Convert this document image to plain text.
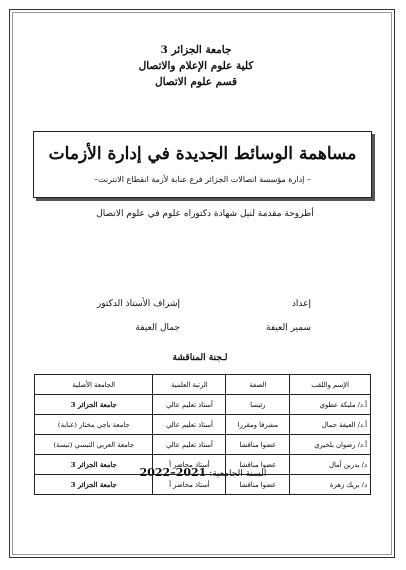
جامعة الجزائر 3
كلية علوم الإعلام والاتصال
قسم علوم الاتصال
مساهمة الوسائط الجديدة في إدارة الأزمات
– إدارة مؤسسة اتصالات الجزائر فرع عنابة لأزمة انقطاع الانترنت–
أطروحة مقدمة لنيل شهادة دكتوراه علوم في علوم الاتصال
إعداد
سمير العيفة
إشراف الأستاذ الدكتور
جمال العيفة
لـجنة المناقشة
الإسم واللقب	الصفة	الرتبة العلمية	الجامعة الأصلية
أ.د/ مليكة عطوي	رئيسا	أستاذ تعليم عالي	جامعة الجزائر 3
أ.د/ العيفة جمال	مشرفا ومقررا	أستاذ تعليم عالي	جامعة باجي مختار (عنابة)
أ.د/ رضوان بلخيري	عضوا مناقشا	أستاذ تعليم عالي	جامعة العربي التبسي (تبسة)
د/ بدرين آمال	عضوا مناقشا	أستاذ محاضر أ	جامعة الجزائر 3
د/ بريك زهرة	عضوا مناقشا	أستاذ محاضر أ	جامعة الجزائر 3
السنة الجامعية: 2021–2022
